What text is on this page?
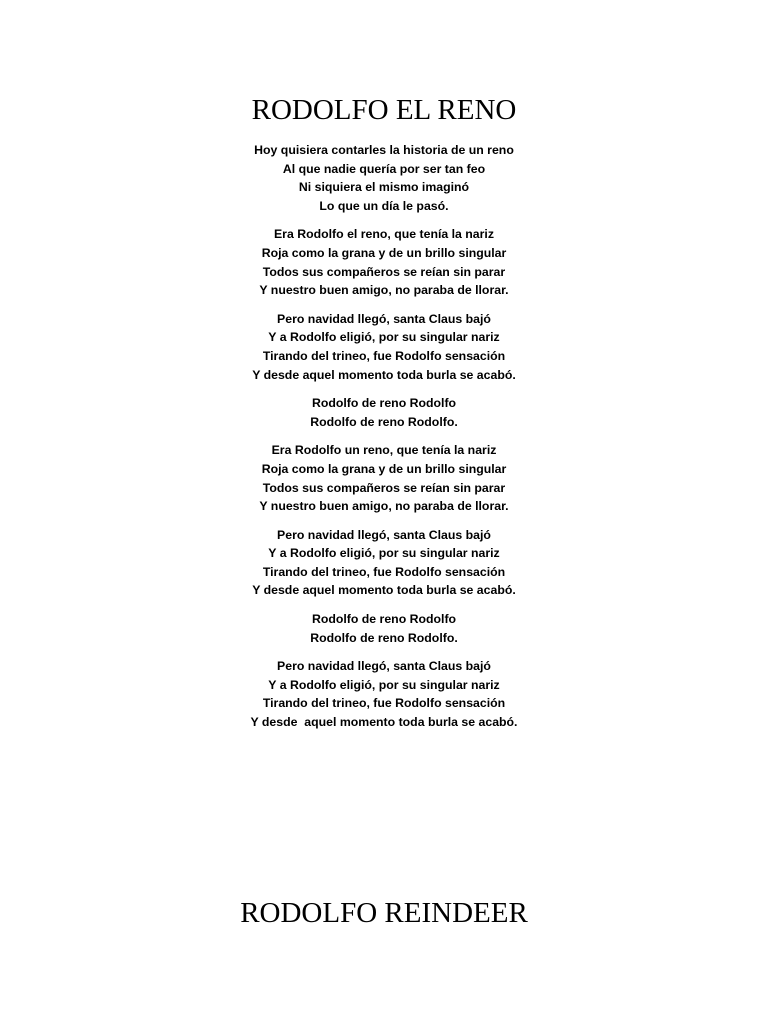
RODOLFO EL RENO
Hoy quisiera contarles la historia de un reno
Al que nadie quería por ser tan feo
Ni siquiera el mismo imaginó
Lo que un día le pasó.
Era Rodolfo el reno, que tenía la nariz
Roja como la grana y de un brillo singular
Todos sus compañeros se reían sin parar
Y nuestro buen amigo, no paraba de llorar.
Pero navidad llegó, santa Claus bajó
Y a Rodolfo eligió, por su singular nariz
Tirando del trineo, fue Rodolfo sensación
Y desde aquel momento toda burla se acabó.
Rodolfo de reno Rodolfo
Rodolfo de reno Rodolfo.
Era Rodolfo un reno, que tenía la nariz
Roja como la grana y de un brillo singular
Todos sus compañeros se reían sin parar
Y nuestro buen amigo, no paraba de llorar.
Pero navidad llegó, santa Claus bajó
Y a Rodolfo eligió, por su singular nariz
Tirando del trineo, fue Rodolfo sensación
Y desde aquel momento toda burla se acabó.
Rodolfo de reno Rodolfo
Rodolfo de reno Rodolfo.
Pero navidad llegó, santa Claus bajó
Y a Rodolfo eligió, por su singular nariz
Tirando del trineo, fue Rodolfo sensación
Y desde  aquel momento toda burla se acabó.
RODOLFO REINDEER
